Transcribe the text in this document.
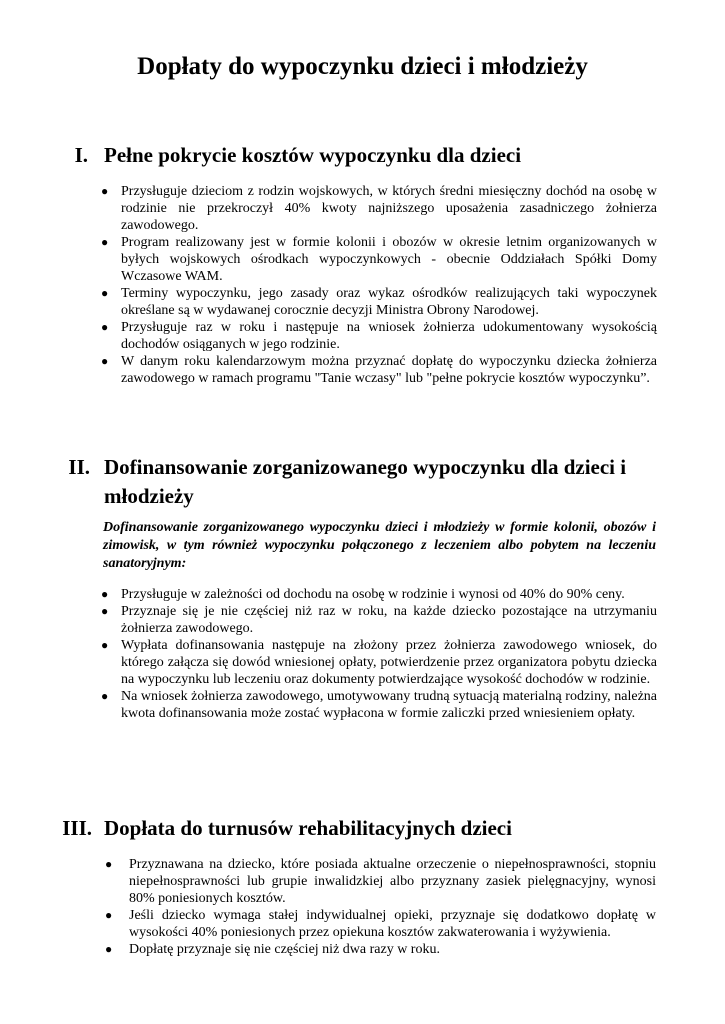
Dopłaty do wypoczynku dzieci i młodzieży
I. Pełne pokrycie kosztów wypoczynku dla dzieci
● Przysługuje dzieciom z rodzin wojskowych, w których średni miesięczny dochód na osobę w rodzinie nie przekroczył 40% kwoty najniższego uposażenia zasadniczego żołnierza zawodowego.
● Program realizowany jest w formie kolonii i obozów w okresie letnim organizowanych w byłych wojskowych ośrodkach wypoczynkowych - obecnie Oddziałach Spółki Domy Wczasowe WAM.
● Terminy wypoczynku, jego zasady oraz wykaz ośrodków realizujących taki wypoczynek określane są w wydawanej corocznie decyzji Ministra Obrony Narodowej.
● Przysługuje raz w roku i następuje na wniosek żołnierza udokumentowany wysokością dochodów osiąganych w jego rodzinie.
● W danym roku kalendarzowym można przyznać dopłatę do wypoczynku dziecka żołnierza zawodowego w ramach programu "Tanie wczasy" lub "pełne pokrycie kosztów wypoczynku”.
II. Dofinansowanie zorganizowanego wypoczynku dla dzieci i młodzieży

Dofinansowanie zorganizowanego wypoczynku dzieci i młodzieży w formie kolonii, obozów i zimowisk, w tym również wypoczynku połączonego z leczeniem albo pobytem na leczeniu sanatoryjnym:

● Przysługuje w zależności od dochodu na osobę w rodzinie i wynosi od 40% do 90% ceny.
● Przyznaje się je nie częściej niż raz w roku, na każde dziecko pozostające na utrzymaniu żołnierza zawodowego.
● Wypłata dofinansowania następuje na złożony przez żołnierza zawodowego wniosek, do którego załącza się dowód wniesionej opłaty, potwierdzenie przez organizatora pobytu dziecka na wypoczynku lub leczeniu oraz dokumenty potwierdzające wysokość dochodów w rodzinie.
● Na wniosek żołnierza zawodowego, umotywowany trudną sytuacją materialną rodziny, należna kwota dofinansowania może zostać wypłacona w formie zaliczki przed wniesieniem opłaty.
III. Dopłata do turnusów rehabilitacyjnych dzieci
● Przyznawana na dziecko, które posiada aktualne orzeczenie o niepełnosprawności, stopniu niepełnosprawności lub grupie inwalidzkiej albo przyznany zasiek pielęgnacyjny, wynosi 80% poniesionych kosztów.
● Jeśli dziecko wymaga stałej indywidualnej opieki, przyznaje się dodatkowo dopłatę w wysokości 40% poniesionych przez opiekuna kosztów zakwaterowania i wyżywienia.
● Dopłatę przyznaje się nie częściej niż dwa razy w roku.
